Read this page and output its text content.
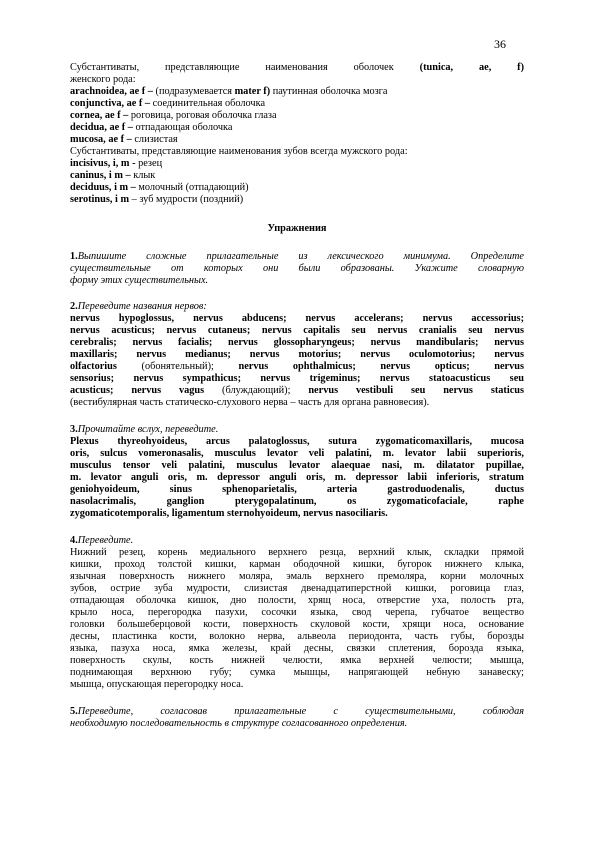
36

Субстантиваты, представляющие наименования оболочек (tunica, ae, f)

женского рода:

arachnoidea, ae f – (подразумевается mater f) паутинная оболочка мозга

conjunctiva, ae f – соединительная оболочка

cornea, ae f – роговица, роговая оболочка глаза

decidua, ae f – отпадающая оболочка

mucosa, ae f – слизистая

Субстантиваты, представляющие наименования зубов всегда мужского рода:

incisivus, i, m - резец

caninus, i m – клык

deciduus, i m – молочный (отпадающий)

serotinus, i m – зуб мудрости (поздний)

Упражнения

1.Выпишите сложные прилагательные из лексического минимума. Определите

существительные от которых они были образованы. Укажите словарную

форму этих существительных.

2.Переведите названия нервов:

nervus hypoglossus, nervus abducens; nervus accelerans; nervus accessorius;

nervus acusticus; nervus cutaneus; nervus capitalis seu nervus cranialis seu nervus

cerebralis; nervus facialis; nervus glossopharyngeus; nervus mandibularis; nervus

maxillaris; nervus medianus; nervus motorius; nervus oculomotorius; nervus

olfactorius (обонятельный); nervus ophthalmicus; nervus opticus; nervus

sensorius; nervus sympathicus; nervus trigeminus; nervus statoacusticus seu

acusticus; nervus vagus (блуждающий); nervus vestibuli seu nervus staticus

(вестибулярная часть статическо-слухового нерва – часть для органа равновесия).

3.Прочитайте вслух, переведите.

Plexus thyreohyoideus, arcus palatoglossus, sutura zygomaticomaxillaris, mucosa

oris, sulcus vomeronasalis, musculus levator veli palatini, m. levator labii superioris,

musculus tensor veli palatini, musculus levator alaequae nasi, m. dilatator pupillae,

m. levator anguli oris, m. depressor anguli oris, m. depressor labii inferioris, stratum

geniohyoideum, sinus sphenoparietalis, arteria gastroduodenalis, ductus

nasolacrimalis, ganglion pterygopalatinum, os zygomaticofaciale, raphe

zygomaticotemporalis, ligamentum sternohyoideum, nervus nasociliaris.

4.Переведите.

Нижний резец, корень медиального верхнего резца, верхний клык, складки прямой

кишки, проход толстой кишки, карман ободочной кишки, бугорок нижнего клыка,

язычная поверхность нижнего моляра, эмаль верхнего премоляра, корни молочных

зубов, острие зуба мудрости, слизистая двенадцатиперстной кишки, роговица глаз,

отпадающая оболочка кишок, дно полости, хрящ носа, отверстие уха, полость рта,

крыло носа, перегородка пазухи, сосочки языка, свод черепа, губчатое вещество

головки большеберцовой кости, поверхность скуловой кости, хрящи носа, основание

десны, пластинка кости, волокно нерва, альвеола периодонта, часть губы, борозды

языка, пазуха носа, ямка железы, край десны, связки сплетения, борозда языка,

поверхность скулы, кость нижней челюсти, ямка верхней челюсти; мышца,

поднимающая верхнюю губу; сумка мышцы, напрягающей небную занавеску;

мышца, опускающая перегородку носа.

5.Переведите, согласовав прилагательные с существительными, соблюдая

необходимую последовательность в структуре согласованного определения.
